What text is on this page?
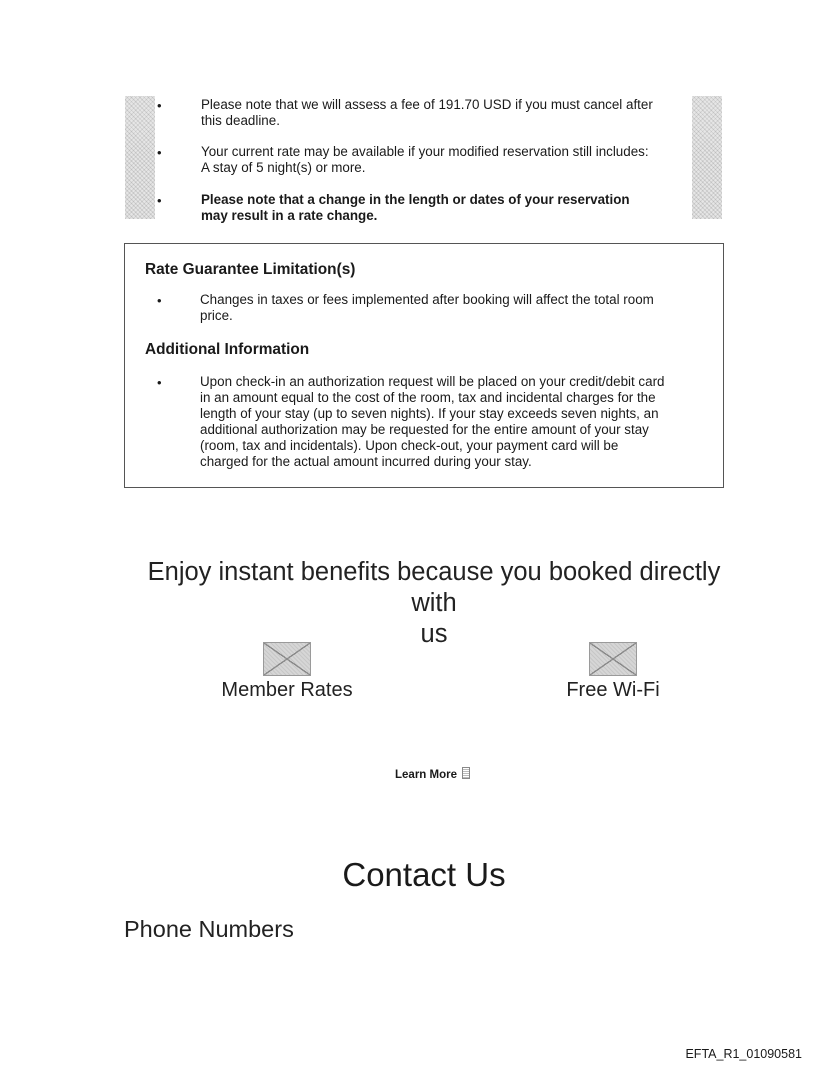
•	Please note that we will assess a fee of 191.70 USD if you must cancel after
this deadline.
•	Your current rate may be available if your modified reservation still includes:
A stay of 5 night(s) or more.
•	Please note that a change in the length or dates of your reservation
may result in a rate change.
Rate Guarantee Limitation(s)
•	Changes in taxes or fees implemented after booking will affect the total room
price.
Additional Information
•	Upon check-in an authorization request will be placed on your credit/debit card
in an amount equal to the cost of the room, tax and incidental charges for the
length of your stay (up to seven nights). If your stay exceeds seven nights, an
additional authorization may be requested for the entire amount of your stay
(room, tax and incidentals). Upon check-out, your payment card will be
charged for the actual amount incurred during your stay.
Enjoy instant benefits because you booked directly with
us
Member Rates	Free Wi-Fi
Learn More
Contact Us
Phone Numbers
EFTA_R1_01090581
